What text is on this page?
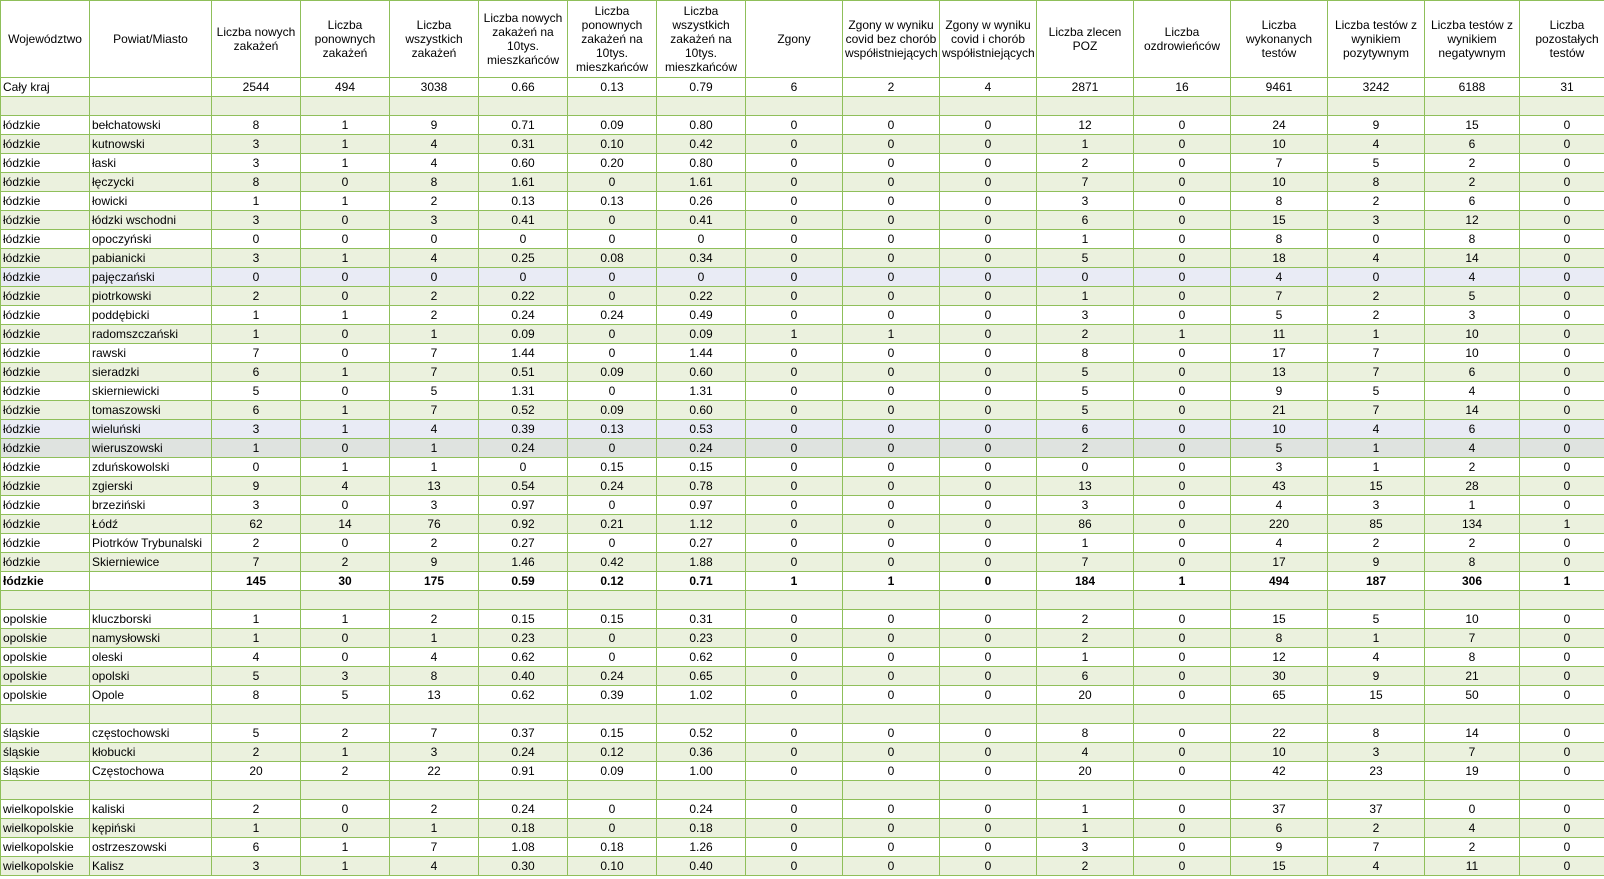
Województwo	Powiat/Miasto	Liczba nowych zakażeń	Liczba ponownych zakażeń	Liczba wszystkich zakażeń	Liczba nowych zakażeń na 10tys. mieszkańców	Liczba ponownych zakażeń na 10tys. mieszkańców	Liczba wszystkich zakażeń na 10tys. mieszkańców	Zgony	Zgony w wyniku covid bez chorób współistniejących	Zgony w wyniku covid i chorób współistniejących	Liczba zlecen POZ	Liczba ozdrowieńców	Liczba wykonanych testów	Liczba testów z wynikiem pozytywnym	Liczba testów z wynikiem negatywnym	Liczba pozostałych testów
Cały kraj		2544	494	3038	0.66	0.13	0.79	6	2	4	2871	16	9461	3242	6188	31

łódzkie	bełchatowski	8	1	9	0.71	0.09	0.80	0	0	0	12	0	24	9	15	0
łódzkie	kutnowski	3	1	4	0.31	0.10	0.42	0	0	0	1	0	10	4	6	0
łódzkie	łaski	3	1	4	0.60	0.20	0.80	0	0	0	2	0	7	5	2	0
łódzkie	łęczycki	8	0	8	1.61	0	1.61	0	0	0	7	0	10	8	2	0
łódzkie	łowicki	1	1	2	0.13	0.13	0.26	0	0	0	3	0	8	2	6	0
łódzkie	łódzki wschodni	3	0	3	0.41	0	0.41	0	0	0	6	0	15	3	12	0
łódzkie	opoczyński	0	0	0	0	0	0	0	0	0	1	0	8	0	8	0
łódzkie	pabianicki	3	1	4	0.25	0.08	0.34	0	0	0	5	0	18	4	14	0
łódzkie	pajęczański	0	0	0	0	0	0	0	0	0	0	0	4	0	4	0
łódzkie	piotrkowski	2	0	2	0.22	0	0.22	0	0	0	1	0	7	2	5	0
łódzkie	poddębicki	1	1	2	0.24	0.24	0.49	0	0	0	3	0	5	2	3	0
łódzkie	radomszczański	1	0	1	0.09	0	0.09	1	1	0	2	1	11	1	10	0
łódzkie	rawski	7	0	7	1.44	0	1.44	0	0	0	8	0	17	7	10	0
łódzkie	sieradzki	6	1	7	0.51	0.09	0.60	0	0	0	5	0	13	7	6	0
łódzkie	skierniewicki	5	0	5	1.31	0	1.31	0	0	0	5	0	9	5	4	0
łódzkie	tomaszowski	6	1	7	0.52	0.09	0.60	0	0	0	5	0	21	7	14	0
łódzkie	wieluński	3	1	4	0.39	0.13	0.53	0	0	0	6	0	10	4	6	0
łódzkie	wieruszowski	1	0	1	0.24	0	0.24	0	0	0	2	0	5	1	4	0
łódzkie	zduńskowolski	0	1	1	0	0.15	0.15	0	0	0	0	0	3	1	2	0
łódzkie	zgierski	9	4	13	0.54	0.24	0.78	0	0	0	13	0	43	15	28	0
łódzkie	brzeziński	3	0	3	0.97	0	0.97	0	0	0	3	0	4	3	1	0
łódzkie	Łódź	62	14	76	0.92	0.21	1.12	0	0	0	86	0	220	85	134	1
łódzkie	Piotrków Trybunalski	2	0	2	0.27	0	0.27	0	0	0	1	0	4	2	2	0
łódzkie	Skierniewice	7	2	9	1.46	0.42	1.88	0	0	0	7	0	17	9	8	0
łódzkie		145	30	175	0.59	0.12	0.71	1	1	0	184	1	494	187	306	1

opolskie	kluczborski	1	1	2	0.15	0.15	0.31	0	0	0	2	0	15	5	10	0
opolskie	namysłowski	1	0	1	0.23	0	0.23	0	0	0	2	0	8	1	7	0
opolskie	oleski	4	0	4	0.62	0	0.62	0	0	0	1	0	12	4	8	0
opolskie	opolski	5	3	8	0.40	0.24	0.65	0	0	0	6	0	30	9	21	0
opolskie	Opole	8	5	13	0.62	0.39	1.02	0	0	0	20	0	65	15	50	0

śląskie	częstochowski	5	2	7	0.37	0.15	0.52	0	0	0	8	0	22	8	14	0
śląskie	kłobucki	2	1	3	0.24	0.12	0.36	0	0	0	4	0	10	3	7	0
śląskie	Częstochowa	20	2	22	0.91	0.09	1.00	0	0	0	20	0	42	23	19	0

wielkopolskie	kaliski	2	0	2	0.24	0	0.24	0	0	0	1	0	37	37	0	0
wielkopolskie	kępiński	1	0	1	0.18	0	0.18	0	0	0	1	0	6	2	4	0
wielkopolskie	ostrzeszowski	6	1	7	1.08	0.18	1.26	0	0	0	3	0	9	7	2	0
wielkopolskie	Kalisz	3	1	4	0.30	0.10	0.40	0	0	0	2	0	15	4	11	0
